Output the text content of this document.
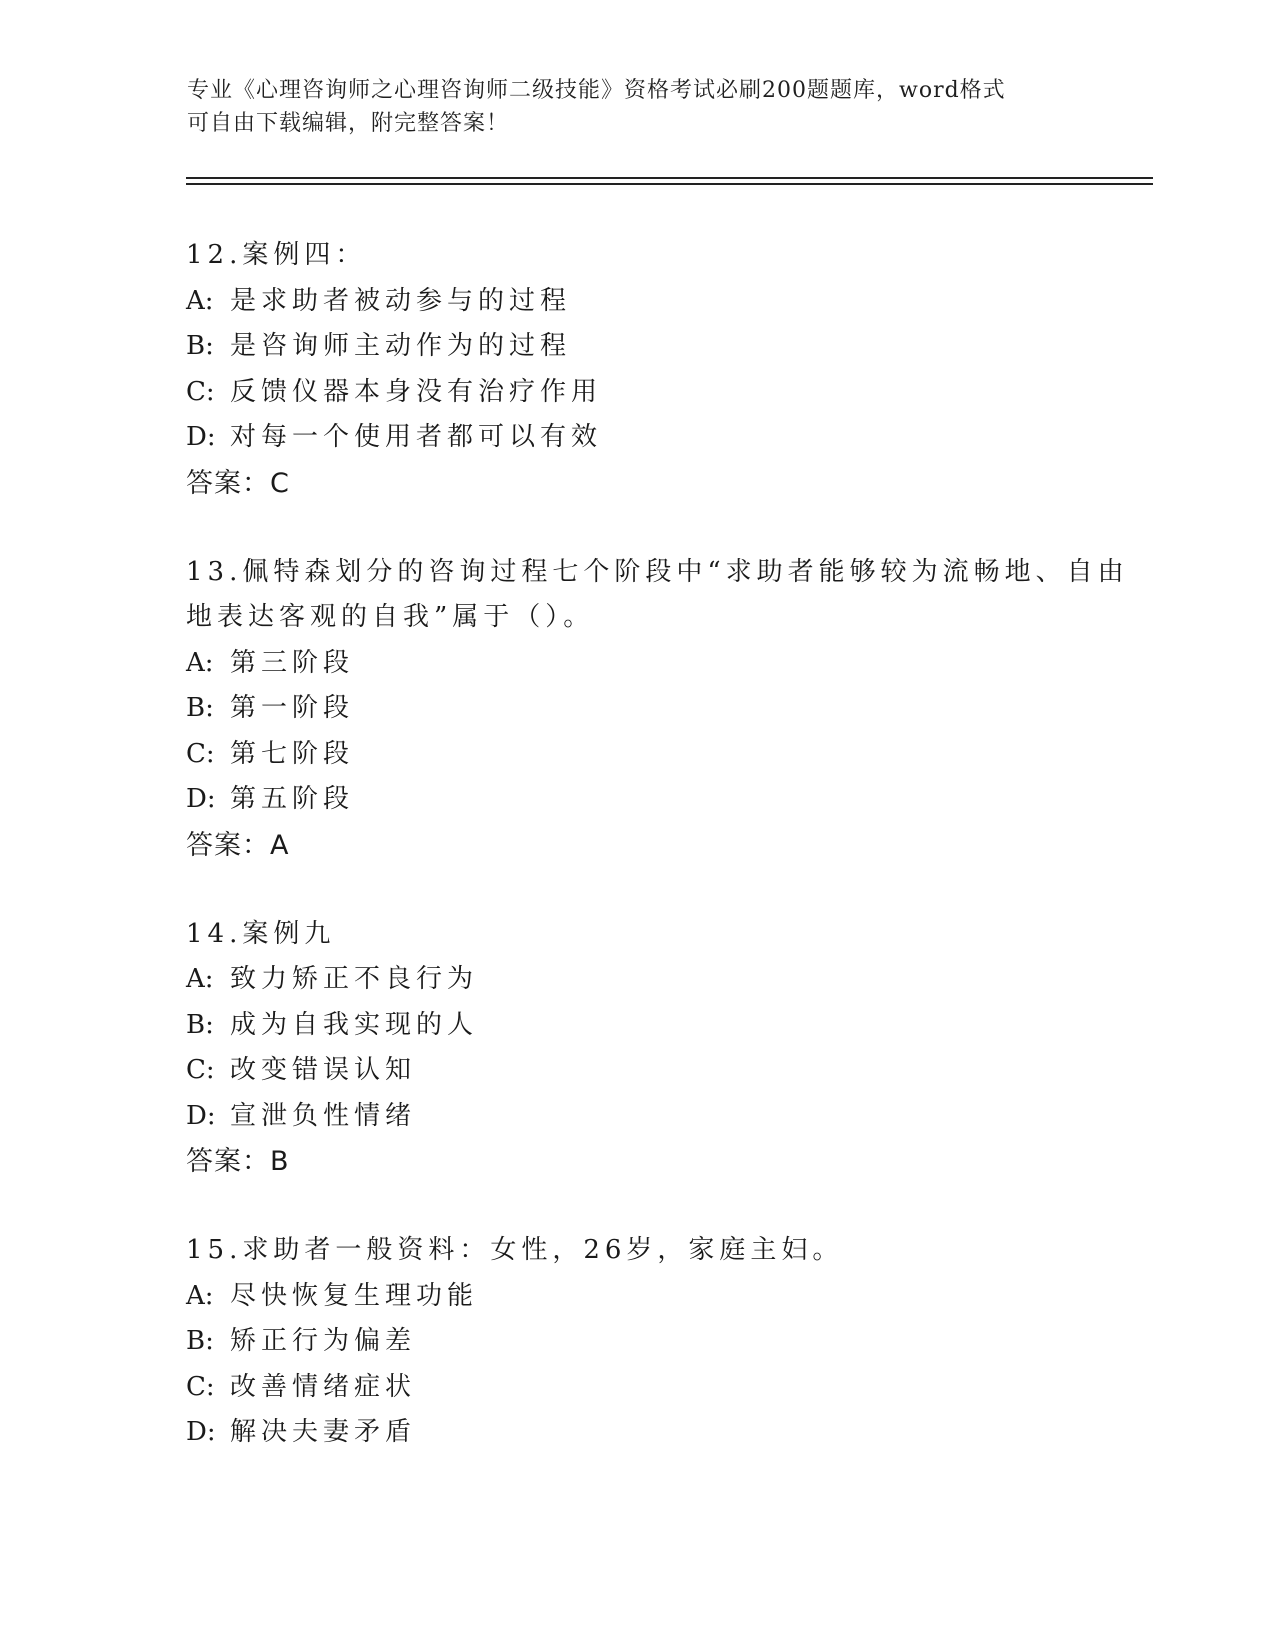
专业《心理咨询师之心理咨询师二级技能》资格考试必刷200题题库，word格式
可自由下载编辑，附完整答案！
12.案例四：
A: 是求助者被动参与的过程
B: 是咨询师主动作为的过程
C: 反馈仪器本身没有治疗作用
D: 对每一个使用者都可以有效
答案：C
13.佩特森划分的咨询过程七个阶段中“求助者能够较为流畅地、自由
地表达客观的自我”属于（）。
A: 第三阶段
B: 第一阶段
C: 第七阶段
D: 第五阶段
答案：A
14.案例九
A: 致力矫正不良行为
B: 成为自我实现的人
C: 改变错误认知
D: 宣泄负性情绪
答案：B
15.求助者一般资料：女性，26岁，家庭主妇。
A: 尽快恢复生理功能
B: 矫正行为偏差
C: 改善情绪症状
D: 解决夫妻矛盾
